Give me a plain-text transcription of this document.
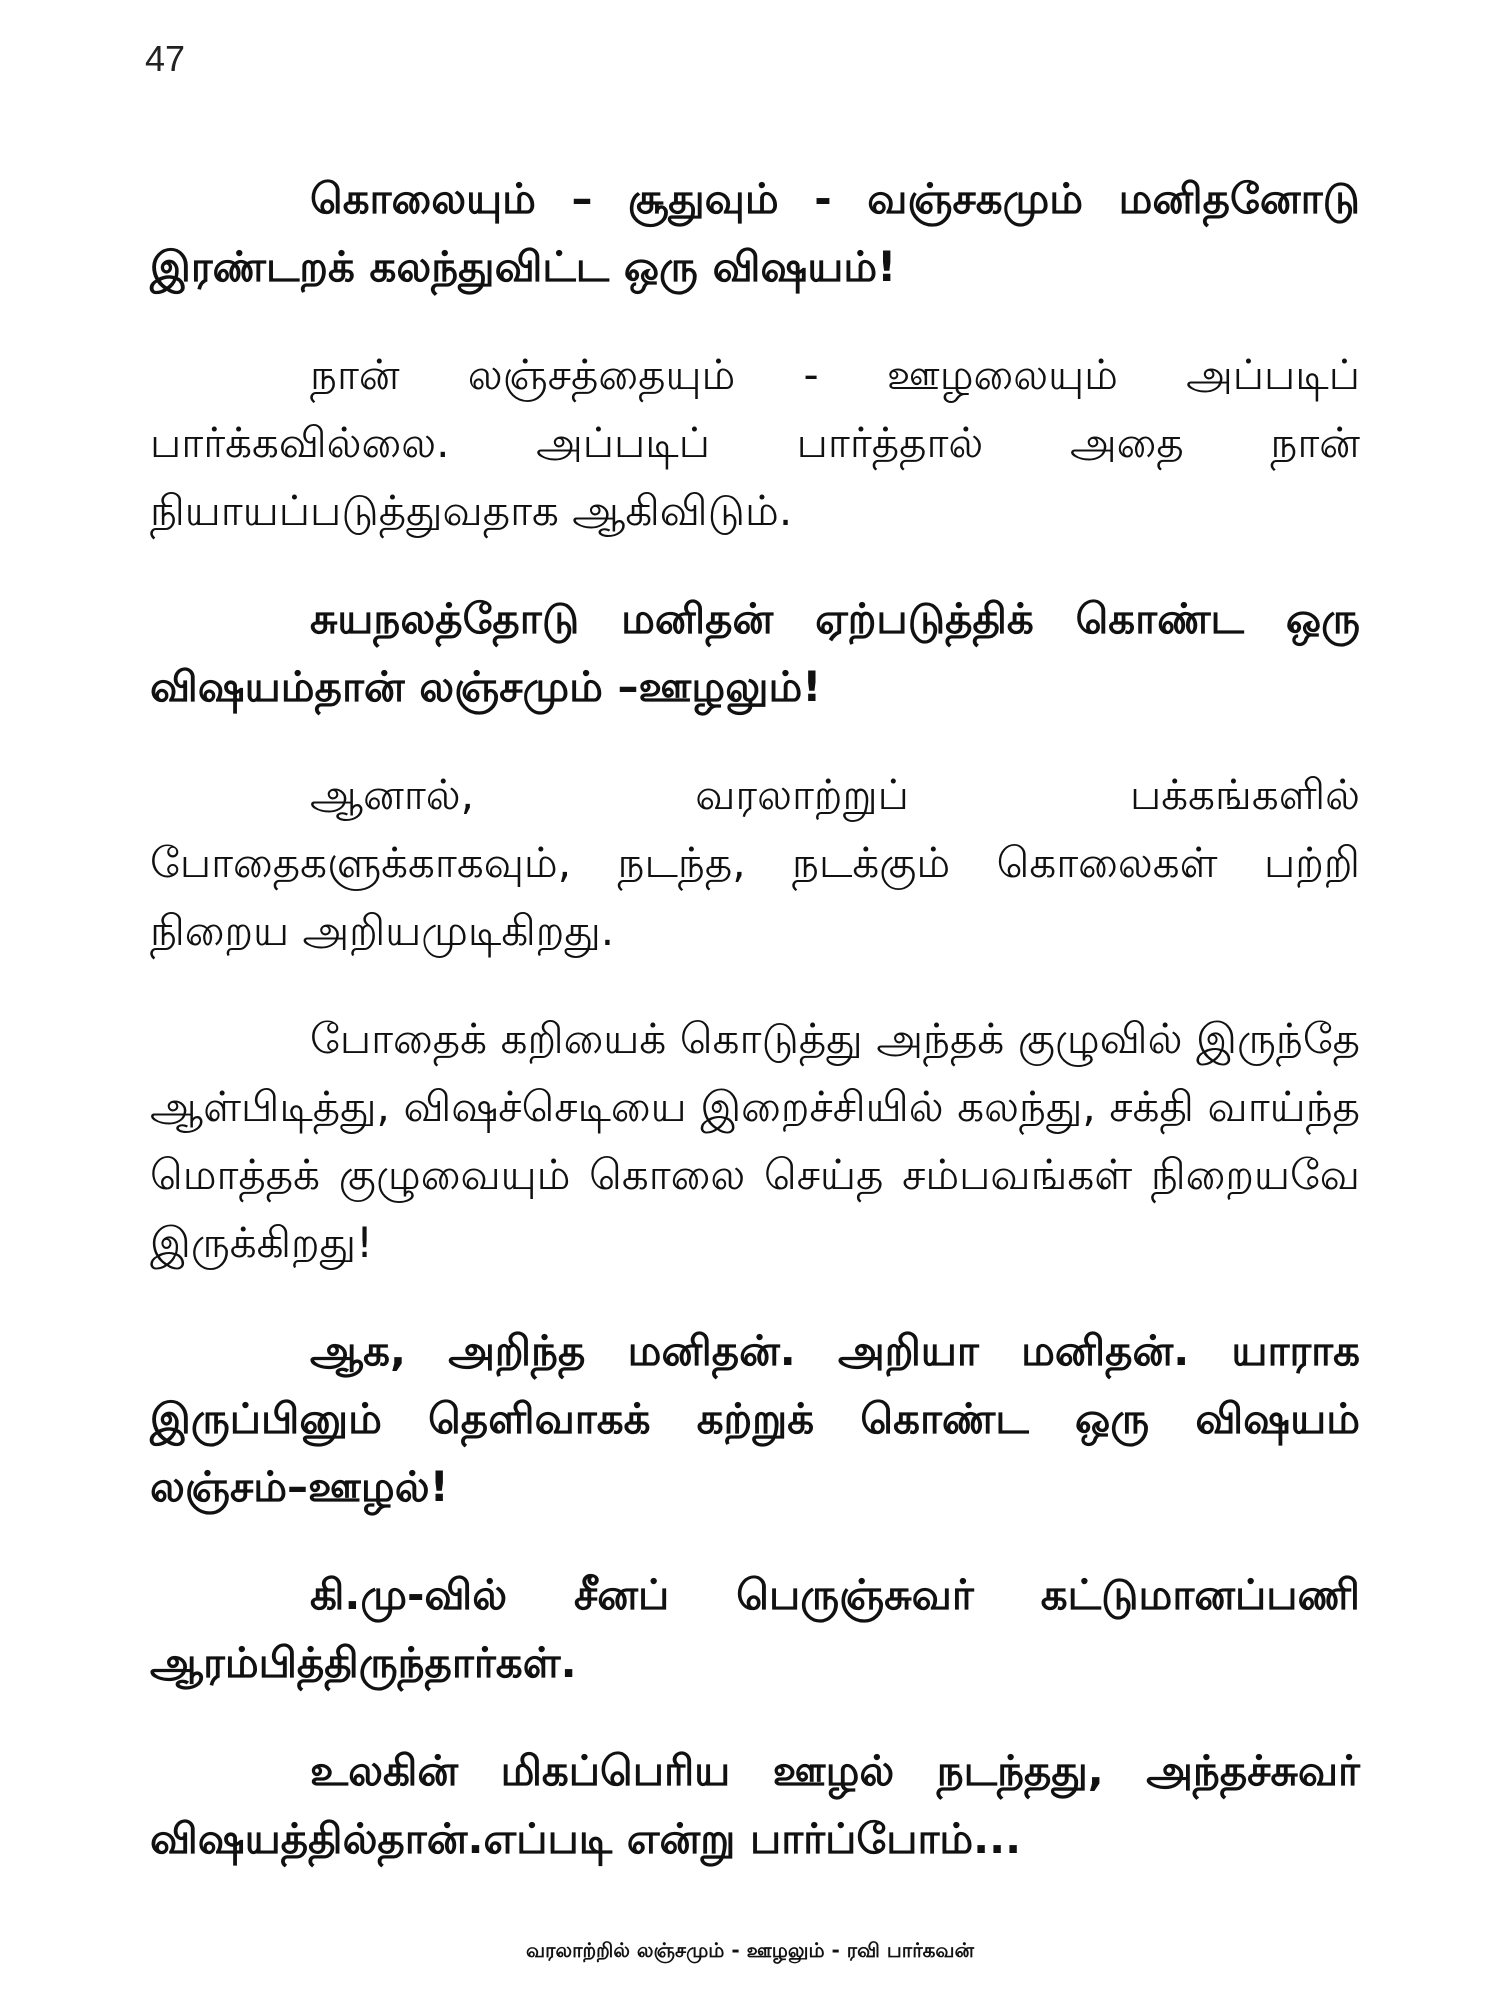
47

கொலையும் – சூதுவும் - வஞ்சகமும் மனிதனோடு இரண்டறக் கலந்துவிட்ட ஒரு விஷயம்!

நான் லஞ்சத்தையும் - ஊழலையும் அப்படிப் பார்க்கவில்லை. அப்படிப் பார்த்தால் அதை நான் நியாயப்படுத்துவதாக ஆகிவிடும்.

சுயநலத்தோடு மனிதன் ஏற்படுத்திக் கொண்ட ஒரு விஷயம்தான் லஞ்சமும் –ஊழலும்!

ஆனால், வரலாற்றுப் பக்கங்களில் போதைகளுக்காகவும், நடந்த, நடக்கும் கொலைகள் பற்றி நிறைய அறியமுடிகிறது.

போதைக் கறியைக் கொடுத்து அந்தக் குழுவில் இருந்தே ஆள்பிடித்து, விஷச்செடியை இறைச்சியில் கலந்து, சக்தி வாய்ந்த மொத்தக் குழுவையும் கொலை செய்த சம்பவங்கள் நிறையவே இருக்கிறது!

ஆக, அறிந்த மனிதன். அறியா மனிதன். யாராக இருப்பினும் தெளிவாகக் கற்றுக் கொண்ட ஒரு விஷயம் லஞ்சம்–ஊழல்!

கி.மு-வில் சீனப் பெருஞ்சுவர் கட்டுமானப்பணி ஆரம்பித்திருந்தார்கள்.

உலகின் மிகப்பெரிய ஊழல் நடந்தது, அந்தச்சுவர் விஷயத்தில்தான்.எப்படி என்று பார்ப்போம்...

வரலாற்றில் லஞ்சமும் - ஊழலும் - ரவி பார்கவன்
